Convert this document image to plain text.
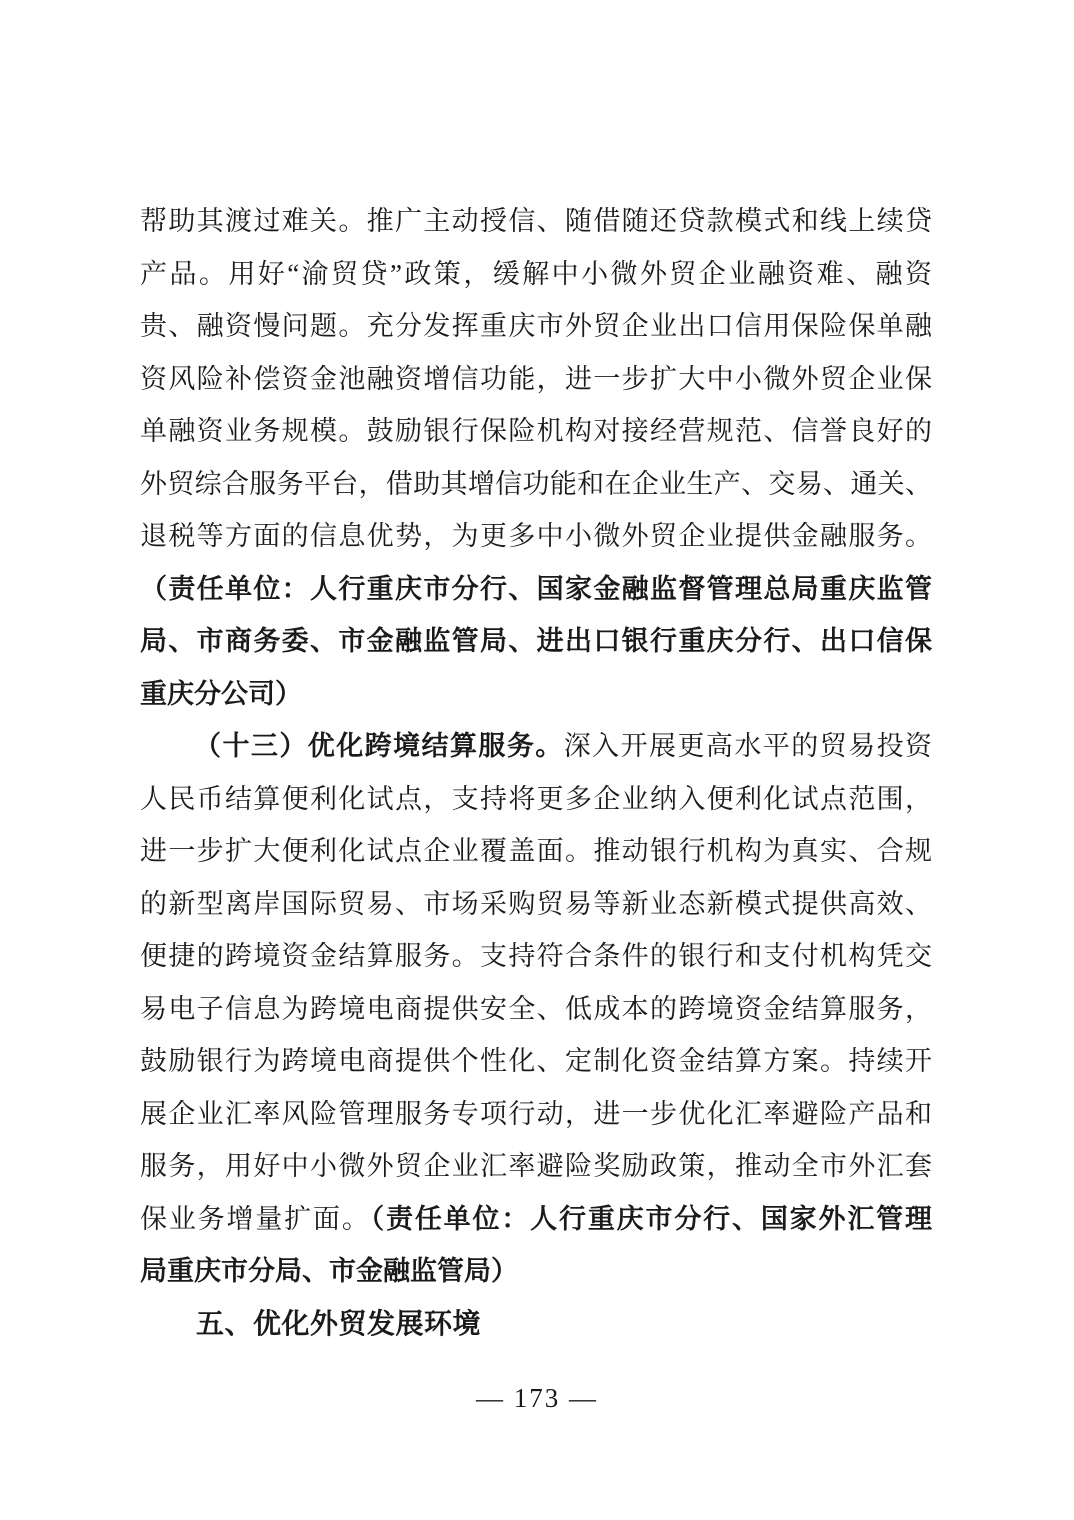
帮助其渡过难关。推广主动授信、随借随还贷款模式和线上续贷
产品。用好“渝贸贷”政策，缓解中小微外贸企业融资难、融资
贵、融资慢问题。充分发挥重庆市外贸企业出口信用保险保单融
资风险补偿资金池融资增信功能，进一步扩大中小微外贸企业保
单融资业务规模。鼓励银行保险机构对接经营规范、信誉良好的
外贸综合服务平台，借助其增信功能和在企业生产、交易、通关、
退税等方面的信息优势，为更多中小微外贸企业提供金融服务。
（责任单位：人行重庆市分行、国家金融监督管理总局重庆监管
局、市商务委、市金融监管局、进出口银行重庆分行、出口信保
重庆分公司）
（十三）优化跨境结算服务。深入开展更高水平的贸易投资
人民币结算便利化试点，支持将更多企业纳入便利化试点范围，
进一步扩大便利化试点企业覆盖面。推动银行机构为真实、合规
的新型离岸国际贸易、市场采购贸易等新业态新模式提供高效、
便捷的跨境资金结算服务。支持符合条件的银行和支付机构凭交
易电子信息为跨境电商提供安全、低成本的跨境资金结算服务，
鼓励银行为跨境电商提供个性化、定制化资金结算方案。持续开
展企业汇率风险管理服务专项行动，进一步优化汇率避险产品和
服务，用好中小微外贸企业汇率避险奖励政策，推动全市外汇套
保业务增量扩面。（责任单位：人行重庆市分行、国家外汇管理
局重庆市分局、市金融监管局）
五、优化外贸发展环境
— 173 —
